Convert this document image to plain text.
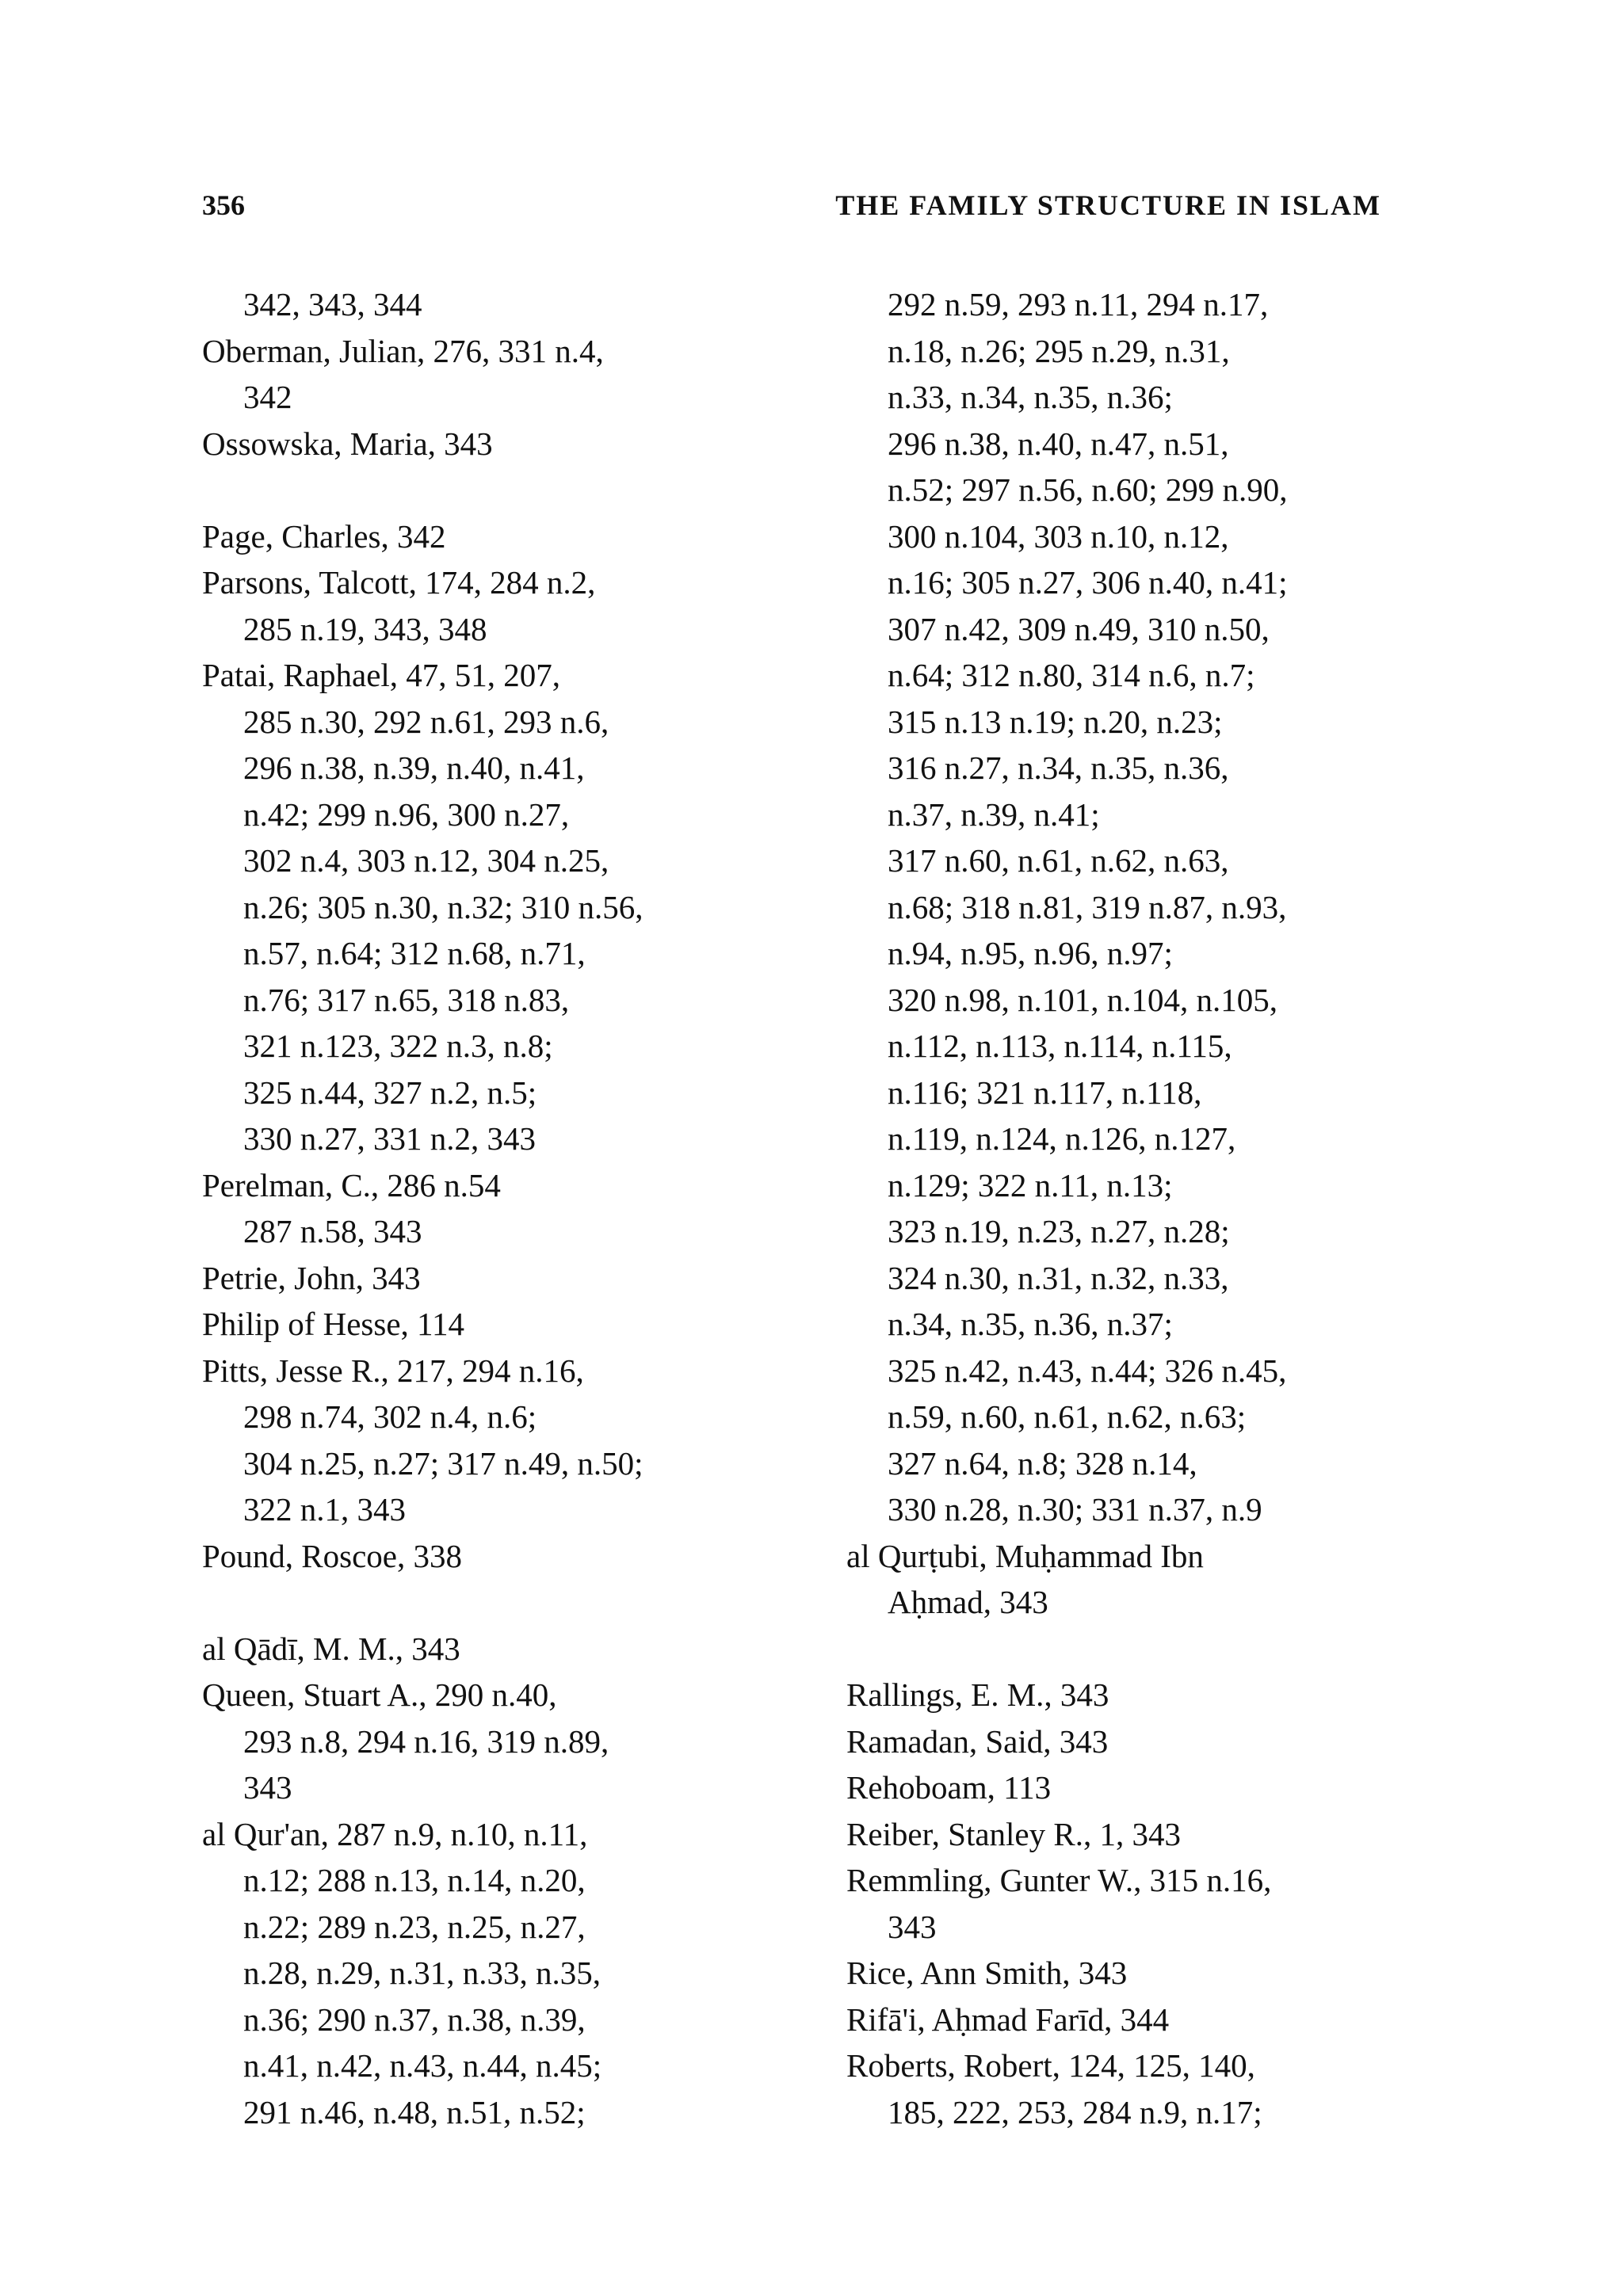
356	THE FAMILY STRUCTURE IN ISLAM
342, 343, 344
Oberman, Julian, 276, 331 n.4,
342
Ossowska, Maria, 343
Page, Charles, 342
Parsons, Talcott, 174, 284 n.2,
285 n.19, 343, 348
Patai, Raphael, 47, 51, 207,
285 n.30, 292 n.61, 293 n.6,
296 n.38, n.39, n.40, n.41,
n.42; 299 n.96, 300 n.27,
302 n.4, 303 n.12, 304 n.25,
n.26; 305 n.30, n.32; 310 n.56,
n.57, n.64; 312 n.68, n.71,
n.76; 317 n.65, 318 n.83,
321 n.123, 322 n.3, n.8;
325 n.44, 327 n.2, n.5;
330 n.27, 331 n.2, 343
Perelman, C., 286 n.54
287 n.58, 343
Petrie, John, 343
Philip of Hesse, 114
Pitts, Jesse R., 217, 294 n.16,
298 n.74, 302 n.4, n.6;
304 n.25, n.27; 317 n.49, n.50;
322 n.1, 343
Pound, Roscoe, 338
al Qādī, M. M., 343
Queen, Stuart A., 290 n.40,
293 n.8, 294 n.16, 319 n.89,
343
al Qur'an, 287 n.9, n.10, n.11,
n.12; 288 n.13, n.14, n.20,
n.22; 289 n.23, n.25, n.27,
n.28, n.29, n.31, n.33, n.35,
n.36; 290 n.37, n.38, n.39,
n.41, n.42, n.43, n.44, n.45;
291 n.46, n.48, n.51, n.52;
292 n.59, 293 n.11, 294 n.17,
n.18, n.26; 295 n.29, n.31,
n.33, n.34, n.35, n.36;
296 n.38, n.40, n.47, n.51,
n.52; 297 n.56, n.60; 299 n.90,
300 n.104, 303 n.10, n.12,
n.16; 305 n.27, 306 n.40, n.41;
307 n.42, 309 n.49, 310 n.50,
n.64; 312 n.80, 314 n.6, n.7;
315 n.13 n.19; n.20, n.23;
316 n.27, n.34, n.35, n.36,
n.37, n.39, n.41;
317 n.60, n.61, n.62, n.63,
n.68; 318 n.81, 319 n.87, n.93,
n.94, n.95, n.96, n.97;
320 n.98, n.101, n.104, n.105,
n.112, n.113, n.114, n.115,
n.116; 321 n.117, n.118,
n.119, n.124, n.126, n.127,
n.129; 322 n.11, n.13;
323 n.19, n.23, n.27, n.28;
324 n.30, n.31, n.32, n.33,
n.34, n.35, n.36, n.37;
325 n.42, n.43, n.44; 326 n.45,
n.59, n.60, n.61, n.62, n.63;
327 n.64, n.8; 328 n.14,
330 n.28, n.30; 331 n.37, n.9
al Qurṭubi, Muḥammad Ibn
Aḥmad, 343
Rallings, E. M., 343
Ramadan, Said, 343
Rehoboam, 113
Reiber, Stanley R., 1, 343
Remmling, Gunter W., 315 n.16,
343
Rice, Ann Smith, 343
Rifā'i, Aḥmad Farīd, 344
Roberts, Robert, 124, 125, 140,
185, 222, 253, 284 n.9, n.17;
